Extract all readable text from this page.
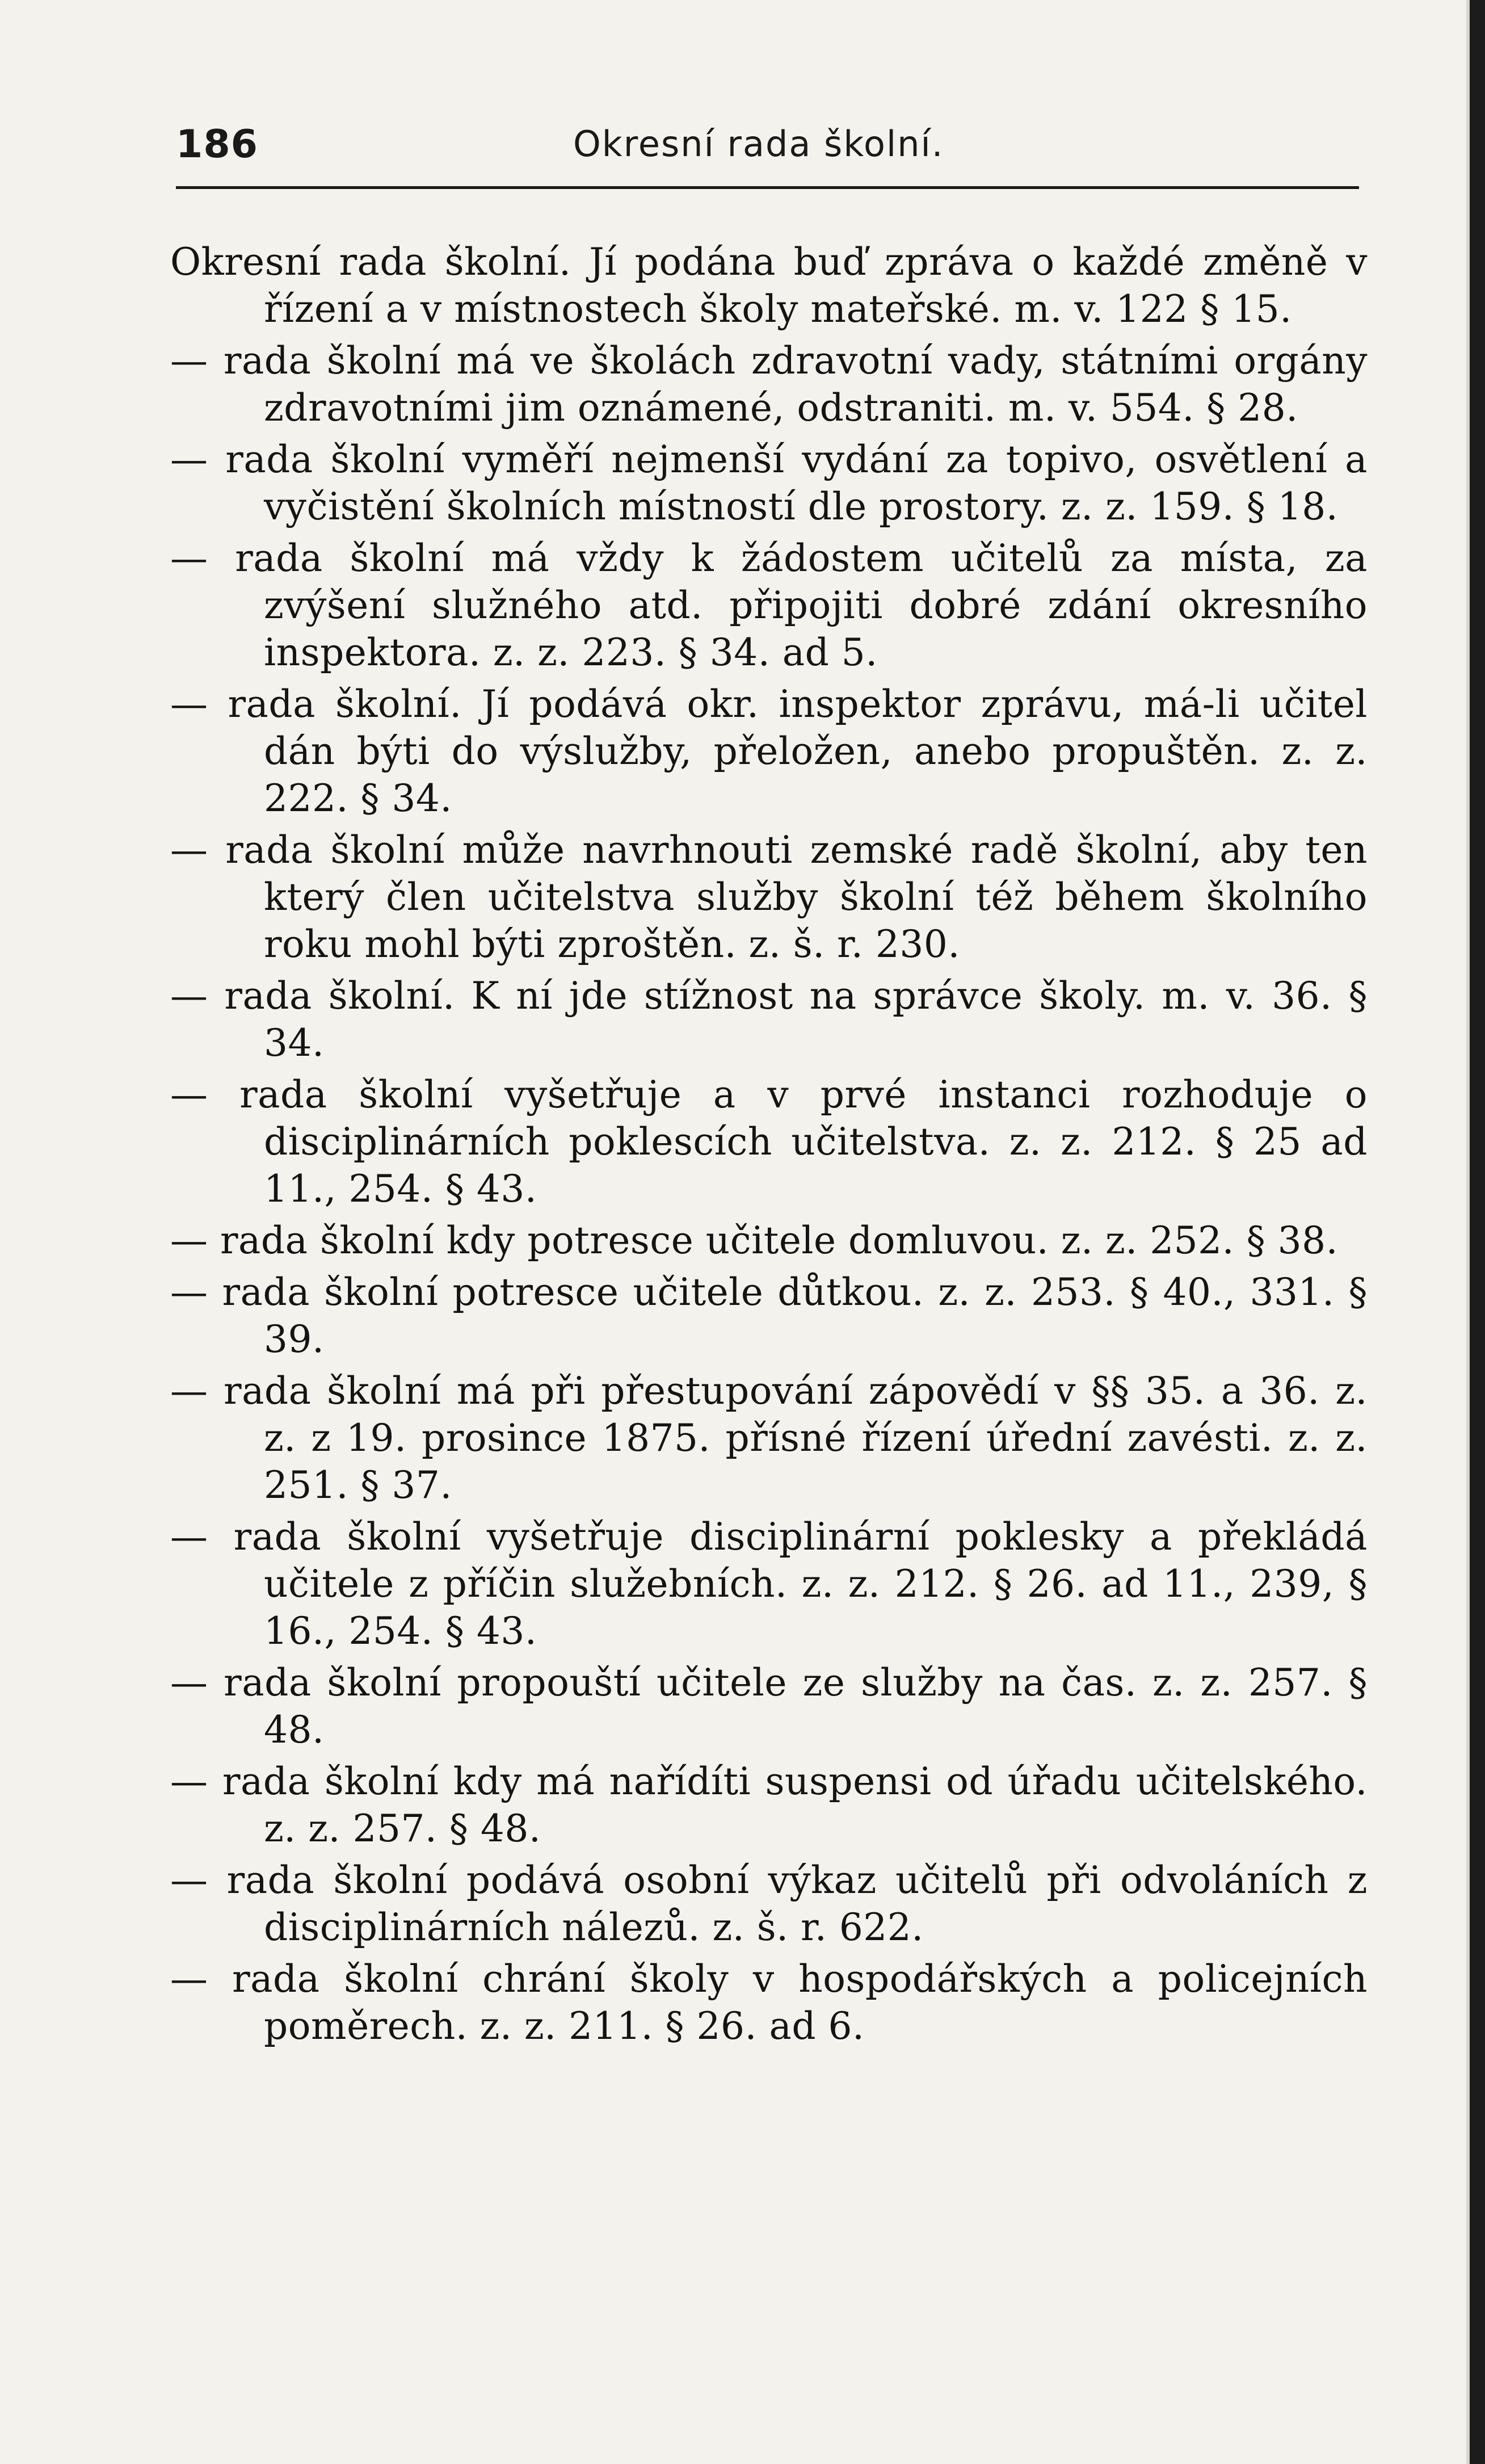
186	Okresní rada školní.
Okresní rada školní. Jí podána buď zpráva o každé změně v řízení a v místnostech školy mateřské. m. v. 122 § 15.
— rada školní má ve školách zdravotní vady, státními orgány zdravotními jim oznámené, odstraniti. m. v. 554. § 28.
— rada školní vyměří nejmenší vydání za topivo, osvětlení a vyčistění školních místností dle prostory. z. z. 159. § 18.
— rada školní má vždy k žádostem učitelů za místa, za zvýšení služného atd. připojiti dobré zdání okresního inspektora. z. z. 223. § 34. ad 5.
— rada školní. Jí podává okr. inspektor zprávu, má-li učitel dán býti do výslužby, přeložen, anebo propuštěn. z. z. 222. § 34.
— rada školní může navrhnouti zemské radě školní, aby ten který člen učitelstva služby školní též během školního roku mohl býti zproštěn. z. š. r. 230.
— rada školní. K ní jde stížnost na správce školy. m. v. 36. § 34.
— rada školní vyšetřuje a v prvé instanci rozhoduje o disciplinárních poklescích učitelstva. z. z. 212. § 25 ad 11., 254. § 43.
— rada školní kdy potresce učitele domluvou. z. z. 252. § 38.
— rada školní potresce učitele důtkou. z. z. 253. § 40., 331. § 39.
— rada školní má při přestupování zápovědí v §§ 35. a 36. z. z. z 19. prosince 1875. přísné řízení úřední zavésti. z. z. 251. § 37.
— rada školní vyšetřuje disciplinární poklesky a překládá učitele z příčin služebních. z. z. 212. § 26. ad 11., 239, § 16., 254. § 43.
— rada školní propouští učitele ze služby na čas. z. z. 257. § 48.
— rada školní kdy má nařídíti suspensi od úřadu učitelského. z. z. 257. § 48.
— rada školní podává osobní výkaz učitelů při odvoláních z disciplinárních nálezů. z. š. r. 622.
— rada školní chrání školy v hospodářských a policejních poměrech. z. z. 211. § 26. ad 6.
